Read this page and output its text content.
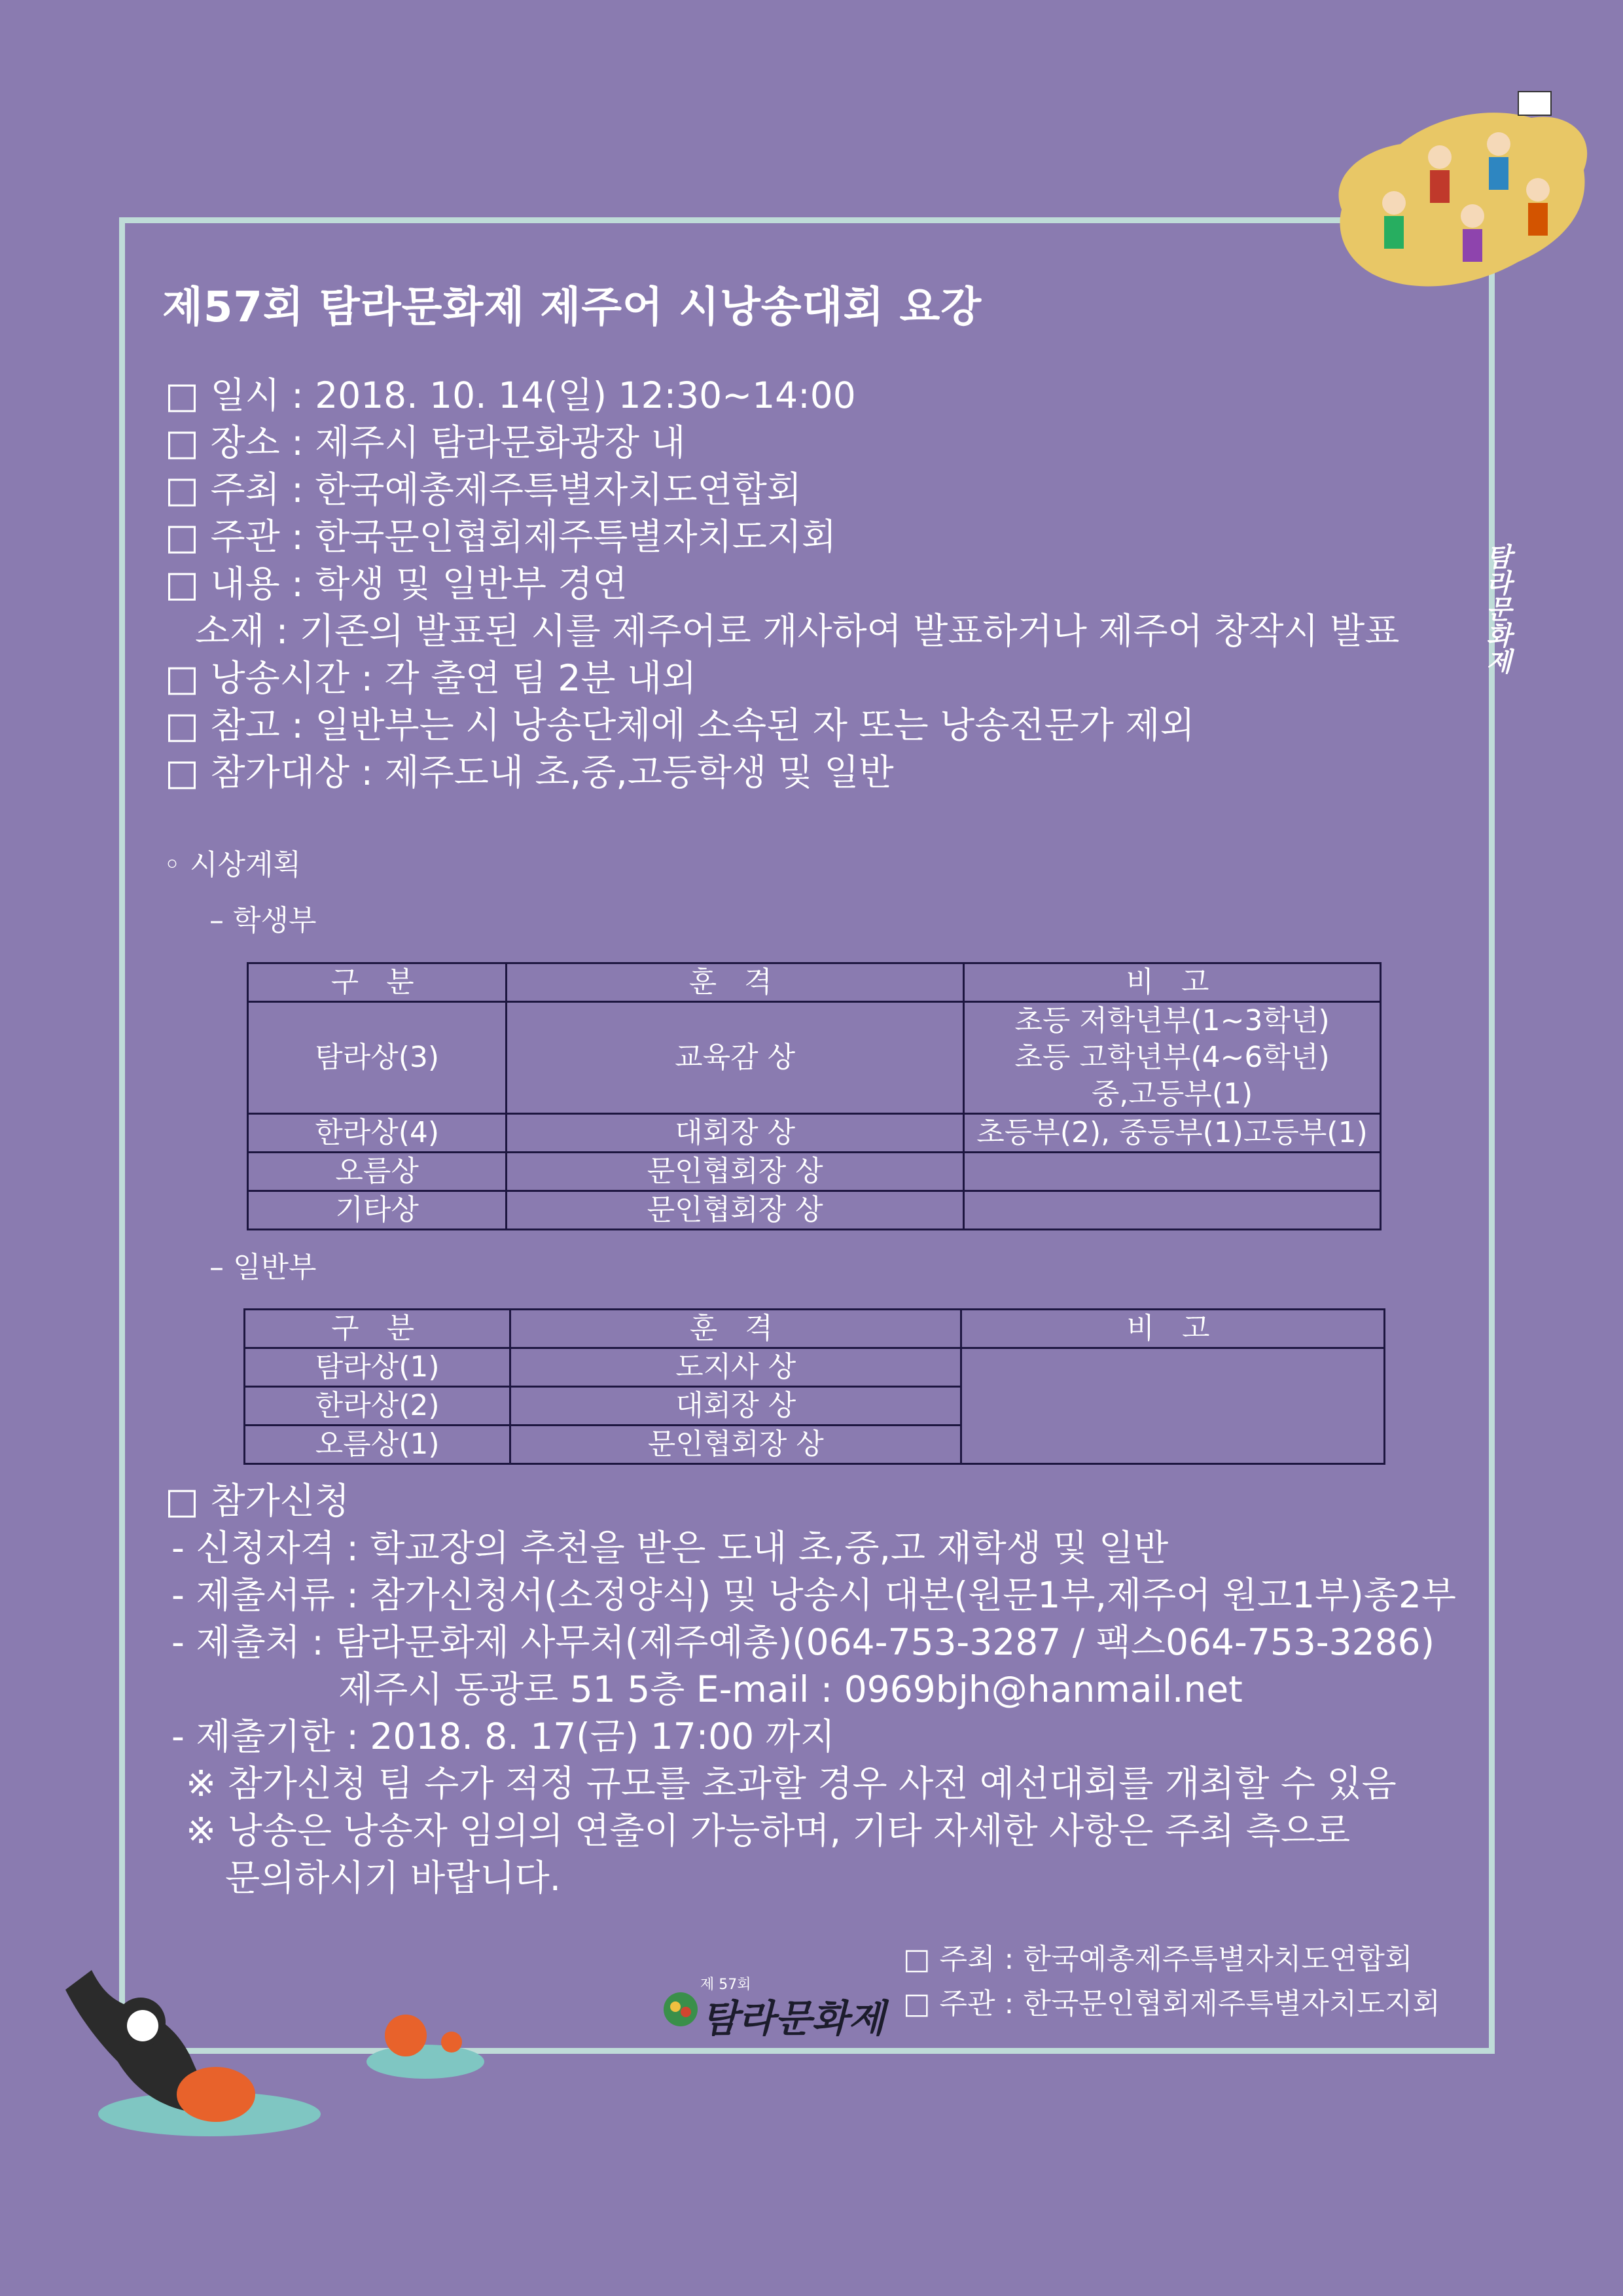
탐라문화제
제57회 탐라문화제 제주어 시낭송대회 요강
□ 일시 : 2018. 10. 14(일) 12:30~14:00
□ 장소 : 제주시 탐라문화광장 내
□ 주최 : 한국예총제주특별자치도연합회
□ 주관 : 한국문인협회제주특별자치도지회
□ 내용 : 학생 및 일반부 경연
소재 : 기존의 발표된 시를 제주어로 개사하여 발표하거나 제주어 창작시 발표
□ 낭송시간 : 각 출연 팀 2분 내외
□ 참고 : 일반부는 시 낭송단체에 소속된 자 또는 낭송전문가 제외
□ 참가대상 : 제주도내 초,중,고등학생 및 일반
◦ 시상계획
– 학생부
구 분	훈 격	비 고
탐라상(3)	교육감 상	초등 저학년부(1~3학년)
초등 고학년부(4~6학년)
중,고등부(1)

한라상(4)	대회장 상	초등부(2), 중등부(1)고등부(1)
오름상	문인협회장 상	
기타상	문인협회장 상	
– 일반부
구 분	훈 격	비 고
탐라상(1)	도지사 상	
한라상(2)	대회장 상	
오름상(1)	문인협회장 상	
□ 참가신청
- 신청자격 : 학교장의 추천을 받은 도내 초,중,고 재학생 및 일반
- 제출서류 : 참가신청서(소정양식) 및 낭송시 대본(원문1부,제주어 원고1부)총2부
- 제출처 : 탐라문화제 사무처(제주예총)(064-753-3287 / 팩스064-753-3286)
제주시 동광로 51 5층 E-mail : 0969bjh@hanmail.net
- 제출기한 : 2018. 8. 17(금) 17:00 까지
※ 참가신청 팀 수가 적정 규모를 초과할 경우 사전 예선대회를 개최할 수 있음
※ 낭송은 낭송자 임의의 연출이 가능하며, 기타 자세한 사항은 주최 측으로
문의하시기 바랍니다.
제 57회
탐라문화제
□ 주최 : 한국예총제주특별자치도연합회
□ 주관 : 한국문인협회제주특별자치도지회
